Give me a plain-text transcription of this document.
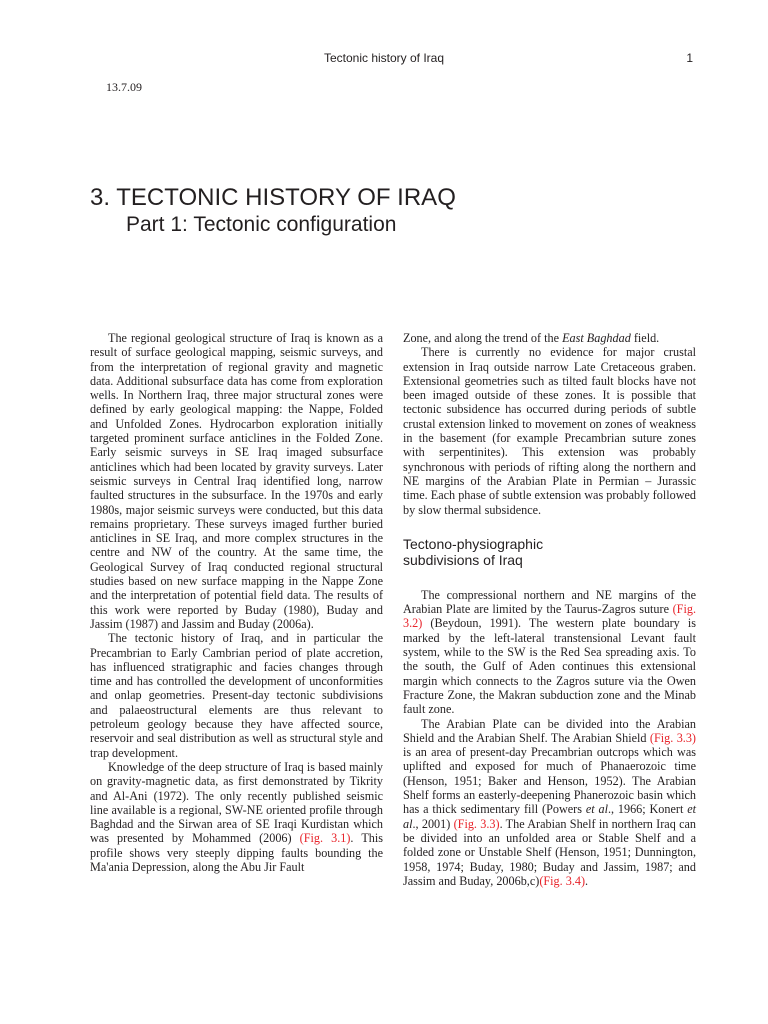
Tectonic history of Iraq	1
13.7.09
3. TECTONIC HISTORY OF IRAQ
Part 1: Tectonic configuration

The regional geological structure of Iraq is known as a result of surface geological mapping, seismic surveys, and from the interpretation of regional gravity and magnetic data. Additional subsurface data has come from exploration wells. In Northern Iraq, three major structural zones were defined by early geological mapping: the Nappe, Folded and Unfolded Zones. Hydrocarbon exploration initially targeted prominent surface anticlines in the Folded Zone. Early seismic surveys in SE Iraq imaged subsurface anticlines which had been located by gravity surveys. Later seismic surveys in Central Iraq identified long, narrow faulted structures in the subsurface. In the 1970s and early 1980s, major seismic surveys were conducted, but this data remains proprietary. These surveys imaged further buried anticlines in SE Iraq, and more complex structures in the centre and NW of the country. At the same time, the Geological Survey of Iraq conducted regional structural studies based on new surface mapping in the Nappe Zone and the interpretation of potential field data. The results of this work were reported by Buday (1980), Buday and Jassim (1987) and Jassim and Buday (2006a).

The tectonic history of Iraq, and in particular the Precambrian to Early Cambrian period of plate accretion, has influenced stratigraphic and facies changes through time and has controlled the development of unconformities and onlap geometries. Present-day tectonic subdivisions and palaeostructural elements are thus relevant to petroleum geology because they have affected source, reservoir and seal distribution as well as structural style and trap development.

Knowledge of the deep structure of Iraq is based mainly on gravity-magnetic data, as first demonstrated by Tikrity and Al-Ani (1972). The only recently published seismic line available is a regional, SW-NE oriented profile through Baghdad and the Sirwan area of SE Iraqi Kurdistan which was presented by Mohammed (2006) (Fig. 3.1). This profile shows very steeply dipping faults bounding the Ma'ania Depression, along the Abu Jir Fault

Zone, and along the trend of the East Baghdad field.

There is currently no evidence for major crustal extension in Iraq outside narrow Late Cretaceous graben. Extensional geometries such as tilted fault blocks have not been imaged outside of these zones. It is possible that tectonic subsidence has occurred during periods of subtle crustal extension linked to movement on zones of weakness in the basement (for example Precambrian suture zones with serpentinites). This extension was probably synchronous with periods of rifting along the northern and NE margins of the Arabian Plate in Permian – Jurassic time. Each phase of subtle extension was probably followed by slow thermal subsidence.

Tectono-physiographic
subdivisions of Iraq

The compressional northern and NE margins of the Arabian Plate are limited by the Taurus-Zagros suture (Fig. 3.2) (Beydoun, 1991). The western plate boundary is marked by the left-lateral transtensional Levant fault system, while to the SW is the Red Sea spreading axis. To the south, the Gulf of Aden continues this extensional margin which connects to the Zagros suture via the Owen Fracture Zone, the Makran subduction zone and the Minab fault zone.

The Arabian Plate can be divided into the Arabian Shield and the Arabian Shelf. The Arabian Shield (Fig. 3.3) is an area of present-day Precambrian outcrops which was uplifted and exposed for much of Phanaerozoic time (Henson, 1951; Baker and Henson, 1952). The Arabian Shelf forms an easterly-deepening Phanerozoic basin which has a thick sedimentary fill (Powers et al., 1966; Konert et al., 2001) (Fig. 3.3). The Arabian Shelf in northern Iraq can be divided into an unfolded area or Stable Shelf and a folded zone or Unstable Shelf (Henson, 1951; Dunnington, 1958, 1974; Buday, 1980; Buday and Jassim, 1987; and Jassim and Buday, 2006b,c)(Fig. 3.4).
